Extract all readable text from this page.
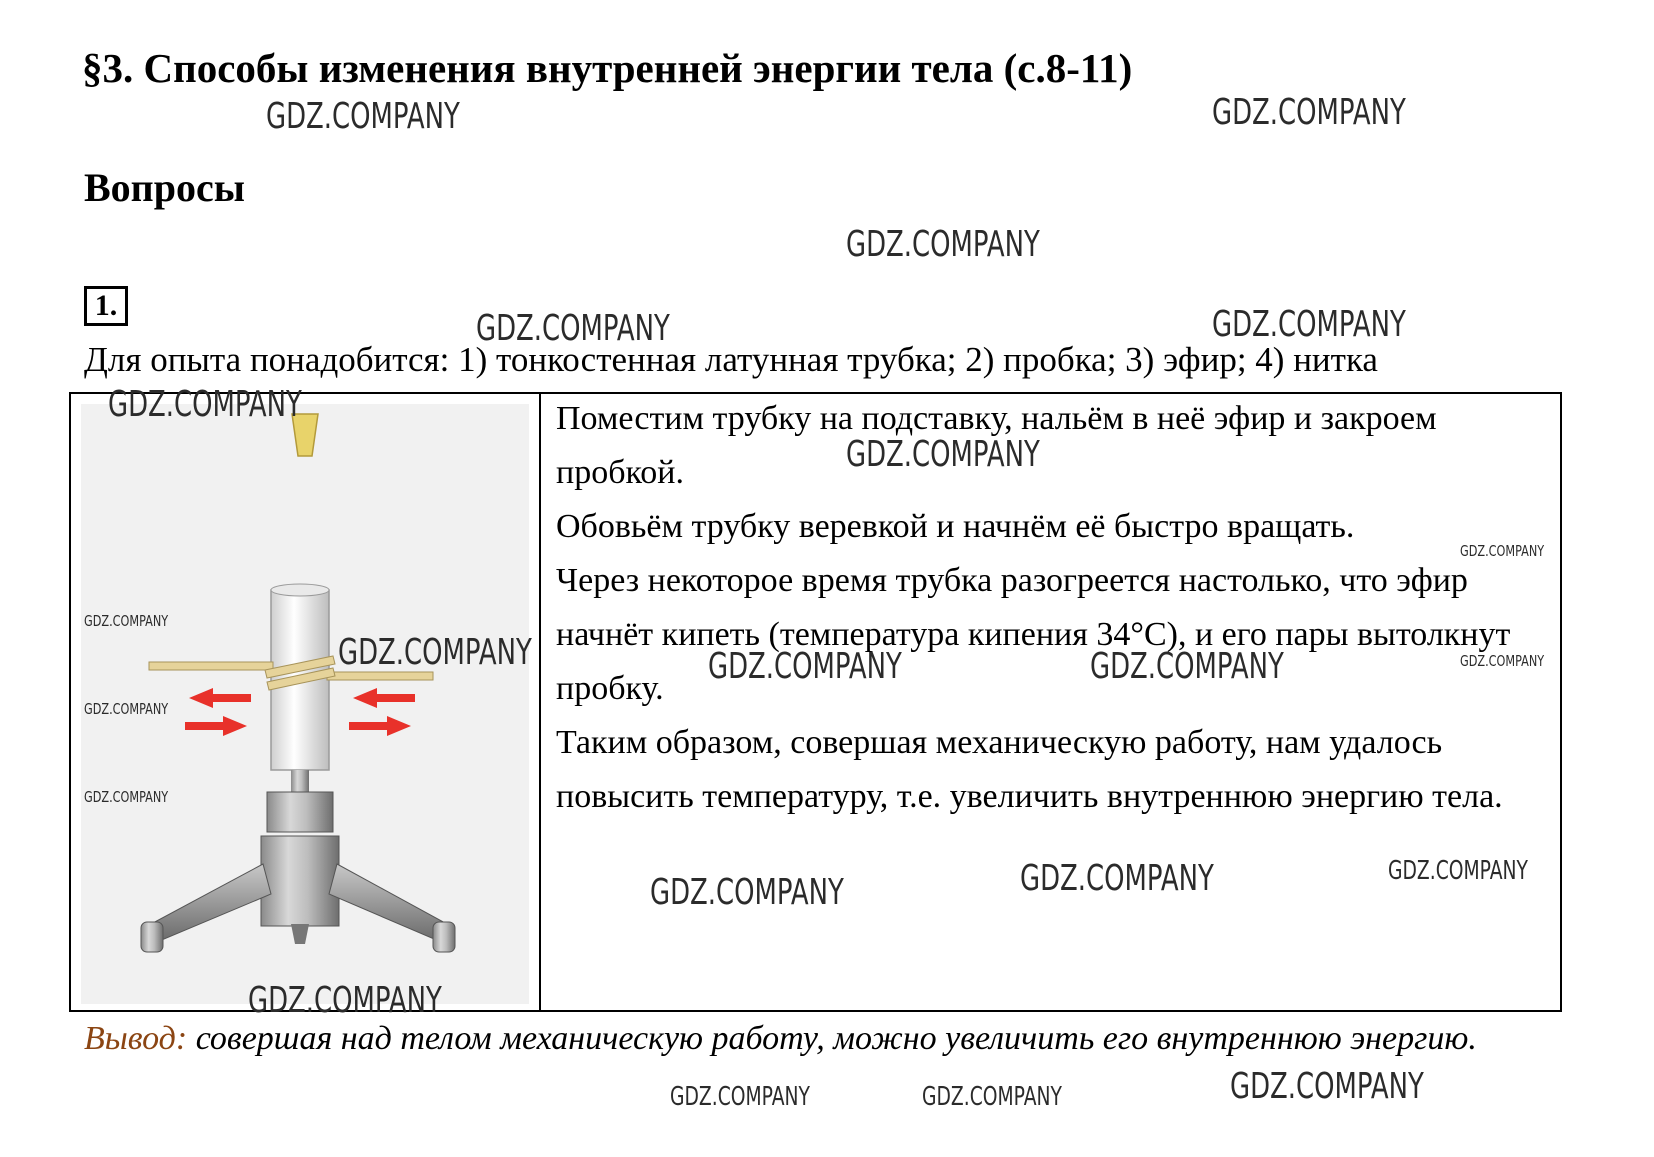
§3. Способы изменения внутренней энергии тела (с.8-11)
Вопросы
1.
Для опыта понадобится: 1) тонкостенная латунная трубка; 2) пробка; 3) эфир; 4) нитка

Поместим трубку на подставку, нальём в неё эфир и закроем пробкой.

Обовьём трубку веревкой и начнём её быстро вращать.

Через некоторое время трубка разогреется настолько, что эфир начнёт кипеть (температура кипения 34°С), и его пары вытолкнут пробку.

Таким образом, совершая механическую работу, нам удалось повысить температуру, т.е. увеличить внутреннюю энергию тела.

Вывод: совершая над телом механическую работу, можно увеличить его внутреннюю энергию.
GDZ.COMPANY	GDZ.COMPANY
GDZ.COMPANY
GDZ.COMPANY	GDZ.COMPANY
GDZ.COMPANY
GDZ.COMPANY
GDZ.COMPANY	GDZ.COMPANY	GDZ.COMPANY
GDZ.COMPANY
GDZ.COMPANY
GDZ.COMPANY
GDZ.COMPANY
GDZ.COMPANY
GDZ.COMPANY	GDZ.COMPANY
GDZ.COMPANY
GDZ.COMPANY
GDZ.COMPANY
GDZ.COMPANY
GDZ.COMPANY
